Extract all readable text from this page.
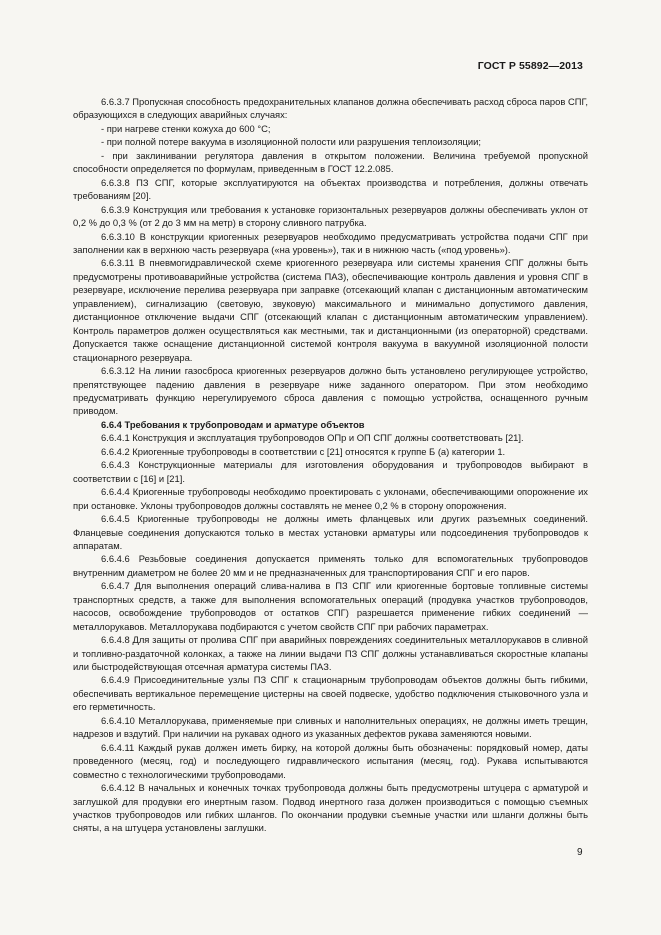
ГОСТ Р 55892—2013

6.6.3.7 Пропускная способность предохранительных клапанов должна обеспечивать расход сброса паров СПГ, образующихся в следующих аварийных случаях:

- при нагреве стенки кожуха до 600 °С;

- при полной потере вакуума в изоляционной полости или разрушения теплоизоляции;

- при заклинивании регулятора давления в открытом положении. Величина требуемой пропускной способности определяется по формулам, приведенным в ГОСТ 12.2.085.

6.6.3.8 ПЗ СПГ, которые эксплуатируются на объектах производства и потребления, должны отвечать требованиям [20].

6.6.3.9 Конструкция или требования к установке горизонтальных резервуаров должны обеспечивать уклон от 0,2 % до 0,3 % (от 2 до 3 мм на метр) в сторону сливного патрубка.

6.6.3.10 В конструкции криогенных резервуаров необходимо предусматривать устройства подачи СПГ при заполнении как в верхнюю часть резервуара («на уровень»), так и в нижнюю часть («под уровень»).

6.6.3.11 В пневмогидравлической схеме криогенного резервуара или системы хранения СПГ должны быть предусмотрены противоаварийные устройства (система ПАЗ), обеспечивающие контроль давления и уровня СПГ в резервуаре, исключение перелива резервуара при заправке (отсекающий клапан с дистанционным автоматическим управлением), сигнализацию (световую, звуковую) максимального и минимально допустимого давления, дистанционное отключение выдачи СПГ (отсекающий клапан с дистанционным автоматическим управлением). Контроль параметров должен осуществляться как местными, так и дистанционными (из операторной) средствами. Допускается также оснащение дистанционной системой контроля вакуума в вакуумной изоляционной полости стационарного резервуара.

6.6.3.12 На линии газосброса криогенных резервуаров должно быть установлено регулирующее устройство, препятствующее падению давления в резервуаре ниже заданного оператором. При этом необходимо предусматривать функцию нерегулируемого сброса давления с помощью устройства, оснащенного ручным приводом.

6.6.4 Требования к трубопроводам и арматуре объектов

6.6.4.1 Конструкция и эксплуатация трубопроводов ОПр и ОП СПГ должны соответствовать [21].

6.6.4.2 Криогенные трубопроводы в соответствии с [21] относятся к группе Б (а) категории 1.

6.6.4.3 Конструкционные материалы для изготовления оборудования и трубопроводов выбирают в соответствии с [16] и [21].

6.6.4.4 Криогенные трубопроводы необходимо проектировать с уклонами, обеспечивающими опорожнение их при остановке. Уклоны трубопроводов должны составлять не менее 0,2 % в сторону опорожнения.

6.6.4.5 Криогенные трубопроводы не должны иметь фланцевых или других разъемных соединений. Фланцевые соединения допускаются только в местах установки арматуры или подсоединения трубопроводов к аппаратам.

6.6.4.6 Резьбовые соединения допускается применять только для вспомогательных трубопроводов внутренним диаметром не более 20 мм и не предназначенных для транспортирования СПГ и его паров.

6.6.4.7 Для выполнения операций слива-налива в ПЗ СПГ или криогенные бортовые топливные системы транспортных средств, а также для выполнения вспомогательных операций (продувка участков трубопроводов, насосов, освобождение трубопроводов от остатков СПГ) разрешается применение гибких соединений — металлорукавов. Металлорукава подбираются с учетом свойств СПГ при рабочих параметрах.

6.6.4.8 Для защиты от пролива СПГ при аварийных повреждениях соединительных металлорукавов в сливной и топливно-раздаточной колонках, а также на линии выдачи ПЗ СПГ должны устанавливаться скоростные клапаны или быстродействующая отсечная арматура системы ПАЗ.

6.6.4.9 Присоединительные узлы ПЗ СПГ к стационарным трубопроводам объектов должны быть гибкими, обеспечивать вертикальное перемещение цистерны на своей подвеске, удобство подключения стыковочного узла и его герметичность.

6.6.4.10 Металлорукава, применяемые при сливных и наполнительных операциях, не должны иметь трещин, надрезов и вздутий. При наличии на рукавах одного из указанных дефектов рукава заменяются новыми.

6.6.4.11 Каждый рукав должен иметь бирку, на которой должны быть обозначены: порядковый номер, даты проведенного (месяц, год) и последующего гидравлического испытания (месяц, год). Рукава испытываются совместно с технологическими трубопроводами.

6.6.4.12 В начальных и конечных точках трубопровода должны быть предусмотрены штуцера с арматурой и заглушкой для продувки его инертным газом. Подвод инертного газа должен производиться с помощью съемных участков трубопроводов или гибких шлангов. По окончании продувки съемные участки или шланги должны быть сняты, а на штуцера установлены заглушки.

9
